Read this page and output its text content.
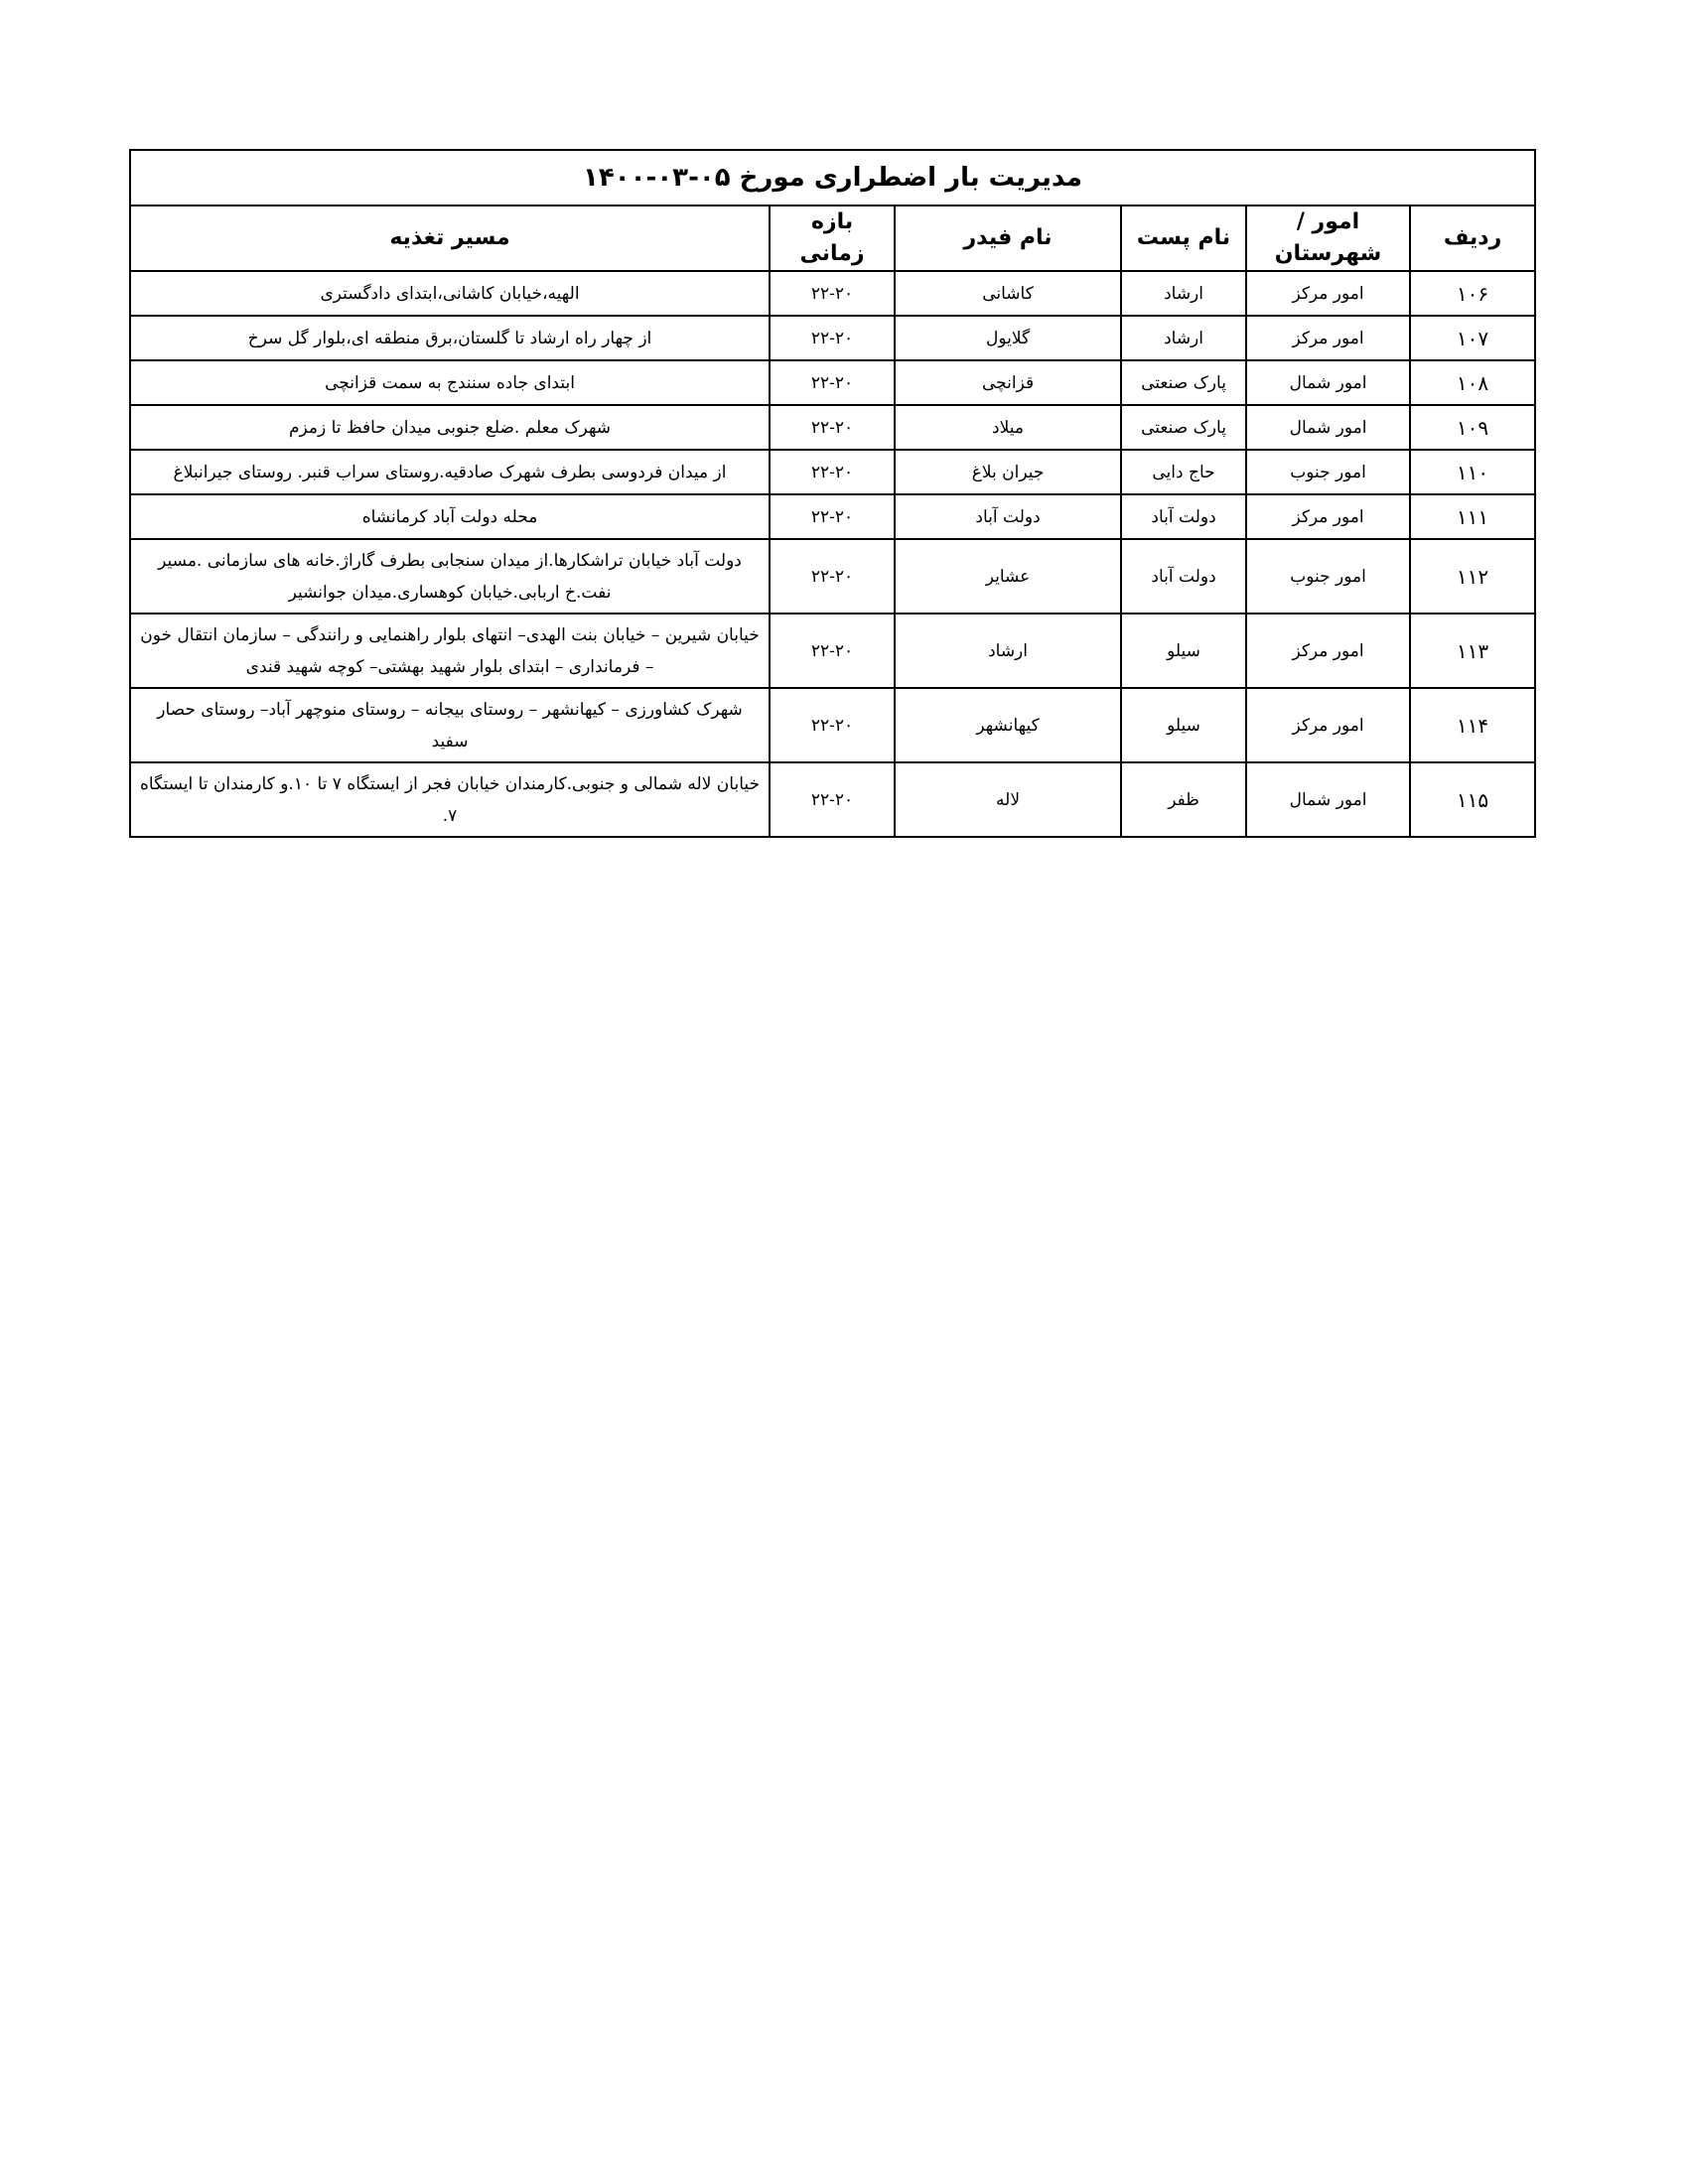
مدیریت بار اضطراری مورخ ۰۵-۰۳-۱۴۰۰					
ردیف	امور / شهرستان	نام پست	نام فیدر	بازه زمانی	مسیر تغذیه
۱۰۶	امور مرکز	ارشاد	کاشانی	۲۲-۲۰	الهیه،خیابان کاشانی،ابتدای دادگستری
۱۰۷	امور مرکز	ارشاد	گلایول	۲۲-۲۰	از چهار راه ارشاد تا گلستان،برق منطقه ای،بلوار گل سرخ
۱۰۸	امور شمال	پارک صنعتی	قزانچی	۲۲-۲۰	ابتدای جاده سنندج به سمت قزانچی
۱۰۹	امور شمال	پارک صنعتی	میلاد	۲۲-۲۰	شهرک معلم .ضلع جنوبی میدان حافظ تا زمزم
۱۱۰	امور جنوب	حاج دایی	جیران بلاغ	۲۲-۲۰	از میدان فردوسی بطرف شهرک صادقیه.روستای سراب قنبر. روستای جیرانبلاغ
۱۱۱	امور مرکز	دولت آباد	دولت آباد	۲۲-۲۰	محله دولت آباد کرمانشاه
۱۱۲	امور جنوب	دولت آباد	عشایر	۲۲-۲۰	دولت آباد خیابان تراشکارها.از میدان سنجابی بطرف گاراژ.خانه های سازمانی .مسیر نفت.خ اربابی.خیابان کوهساری.میدان جوانشیر
۱۱۳	امور مرکز	سیلو	ارشاد	۲۲-۲۰	خیابان شیرین – خیابان بنت الهدی– انتهای بلوار راهنمایی و رانندگی – سازمان انتقال خون – فرمانداری – ابتدای بلوار شهید بهشتی– کوچه شهید قندی
۱۱۴	امور مرکز	سیلو	کیهانشهر	۲۲-۲۰	شهرک کشاورزی – کیهانشهر – روستای بیجانه – روستای منوچهر آباد– روستای حصار سفید
۱۱۵	امور شمال	ظفر	لاله	۲۲-۲۰	خیابان لاله شمالی و جنوبی.کارمندان خیابان فجر از ایستگاه ۷ تا ۱۰.و کارمندان تا ایستگاه ۷.
